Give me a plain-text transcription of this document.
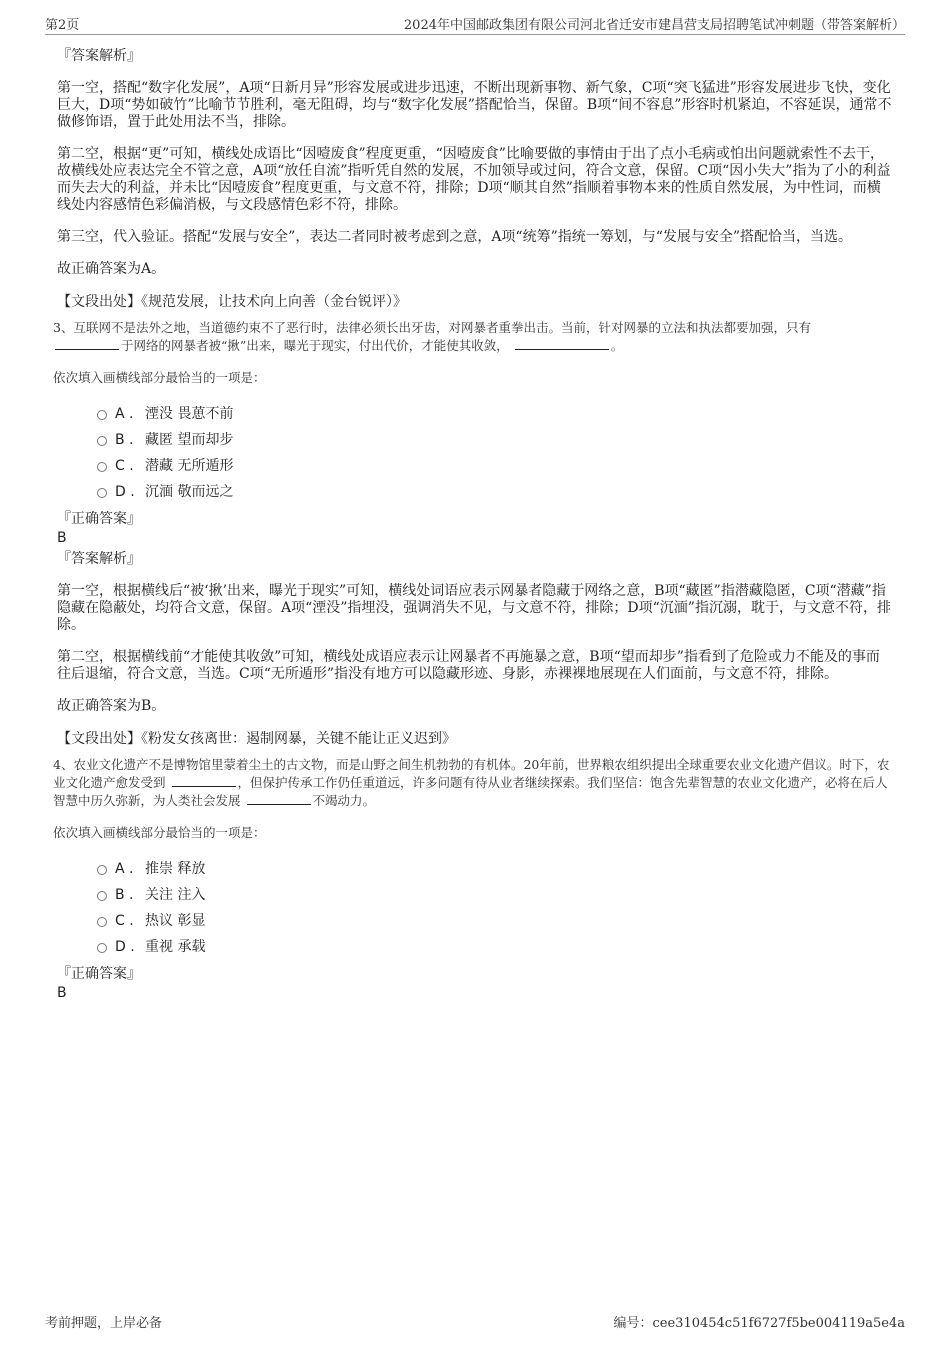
第2页	2024年中国邮政集团有限公司河北省迁安市建昌营支局招聘笔试冲刺题（带答案解析）

『答案解析』

第一空，搭配“数字化发展”，A项“日新月异”形容发展或进步迅速，不断出现新事物、新气象，C项“突飞猛进”形容发展进步飞快，变化巨大，D项“势如破竹”比喻节节胜利，毫无阻碍，均与“数字化发展”搭配恰当，保留。B项“间不容息”形容时机紧迫，不容延误，通常不做修饰语，置于此处用法不当，排除。

第二空，根据“更”可知，横线处成语比“因噎废食”程度更重，“因噎废食”比喻要做的事情由于出了点小毛病或怕出问题就索性不去干，故横线处应表达完全不管之意，A项“放任自流”指听凭自然的发展，不加领导或过问，符合文意，保留。C项“因小失大”指为了小的利益而失去大的利益，并未比“因噎废食”程度更重，与文意不符，排除；D项“顺其自然”指顺着事物本来的性质自然发展，为中性词，而横线处内容感情色彩偏消极，与文段感情色彩不符，排除。

第三空，代入验证。搭配“发展与安全”，表达二者同时被考虑到之意，A项“统筹”指统一筹划，与“发展与安全”搭配恰当，当选。

故正确答案为A。

【文段出处】《规范发展，让技术向上向善（金台锐评）》

3、互联网不是法外之地，当道德约束不了恶行时，法律必须长出牙齿，对网暴者重拳出击。当前，针对网暴的立法和执法都要加强，只有
于网络的网暴者被“揪”出来，曝光于现实，付出代价，才能使其收敛，	。

依次填入画横线部分最恰当的一项是：

A . 湮没 畏葸不前
B . 藏匿 望而却步
C . 潜藏 无所遁形
D . 沉湎 敬而远之

『正确答案』

B

『答案解析』

第一空，根据横线后“被‘揪’出来，曝光于现实”可知，横线处词语应表示网暴者隐藏于网络之意，B项“藏匿”指潜藏隐匿，C项“潜藏”指隐藏在隐蔽处，均符合文意，保留。A项“湮没”指埋没，强调消失不见，与文意不符，排除；D项“沉湎”指沉溺，耽于，与文意不符，排除。

第二空，根据横线前“才能使其收敛”可知，横线处成语应表示让网暴者不再施暴之意，B项“望而却步”指看到了危险或力不能及的事而往后退缩，符合文意，当选。C项“无所遁形”指没有地方可以隐藏形迹、身影，赤裸裸地展现在人们面前，与文意不符，排除。

故正确答案为B。

【文段出处】《粉发女孩离世：遏制网暴，关键不能让正义迟到》

4、农业文化遗产不是博物馆里蒙着尘土的古文物，而是山野之间生机勃勃的有机体。20年前，世界粮农组织提出全球重要农业文化遗产倡议。时下，农业文化遗产愈发受到	，但保护传承工作仍任重道远，许多问题有待从业者继续探索。我们坚信：饱含先辈智慧的农业文化遗产，必将在后人智慧中历久弥新，为人类社会发展	不竭动力。

依次填入画横线部分最恰当的一项是：

A . 推崇 释放
B . 关注 注入
C . 热议 彰显
D . 重视 承载

『正确答案』

B

考前押题，上岸必备	编号：cee310454c51f6727f5be004119a5e4a
